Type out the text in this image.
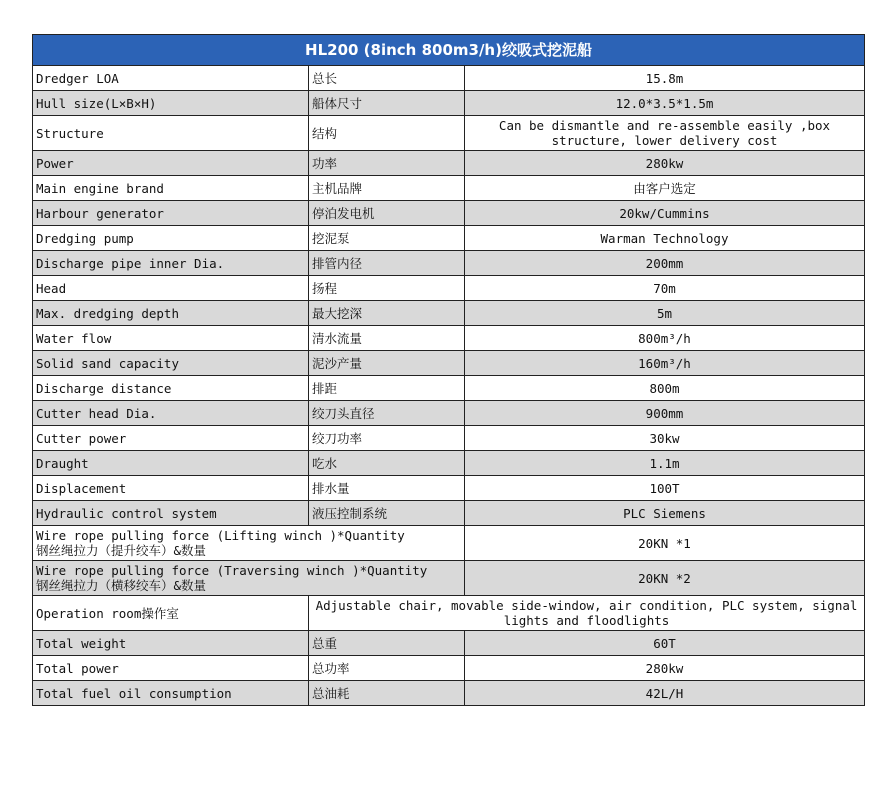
HL200 (8inch 800m3/h)绞吸式挖泥船		
Dredger LOA	总长	15.8m
Hull size(L×B×H)	船体尺寸	12.0*3.5*1.5m
Structure	结构	Can be dismantle and re-assemble easily ,box structure, lower delivery cost
Power	功率	280kw
Main engine brand	主机品牌	由客户选定
Harbour generator	停泊发电机	20kw/Cummins
Dredging pump	挖泥泵	Warman Technology
Discharge pipe inner Dia.	排管内径	200mm
Head	扬程	70m
Max. dredging depth	最大挖深	5m
Water flow	清水流量	800m³/h
Solid sand capacity	泥沙产量	160m³/h
Discharge distance	排距	800m
Cutter head Dia.	绞刀头直径	900mm
Cutter power	绞刀功率	30kw
Draught	吃水	1.1m
Displacement	排水量	100T
Hydraulic control system	液压控制系统	PLC Siemens

Wire rope pulling force (Lifting winch )*Quantity
钢丝绳拉力（提升绞车）&数量		20KN *1

Wire rope pulling force (Traversing winch )*Quantity
钢丝绳拉力（横移绞车）&数量		20KN *2
Operation room操作室	Adjustable chair, movable side-window, air condition, PLC system, signal lights and floodlights	
Total weight	总重	60T
Total power	总功率	280kw
Total fuel oil consumption	总油耗	42L/H
